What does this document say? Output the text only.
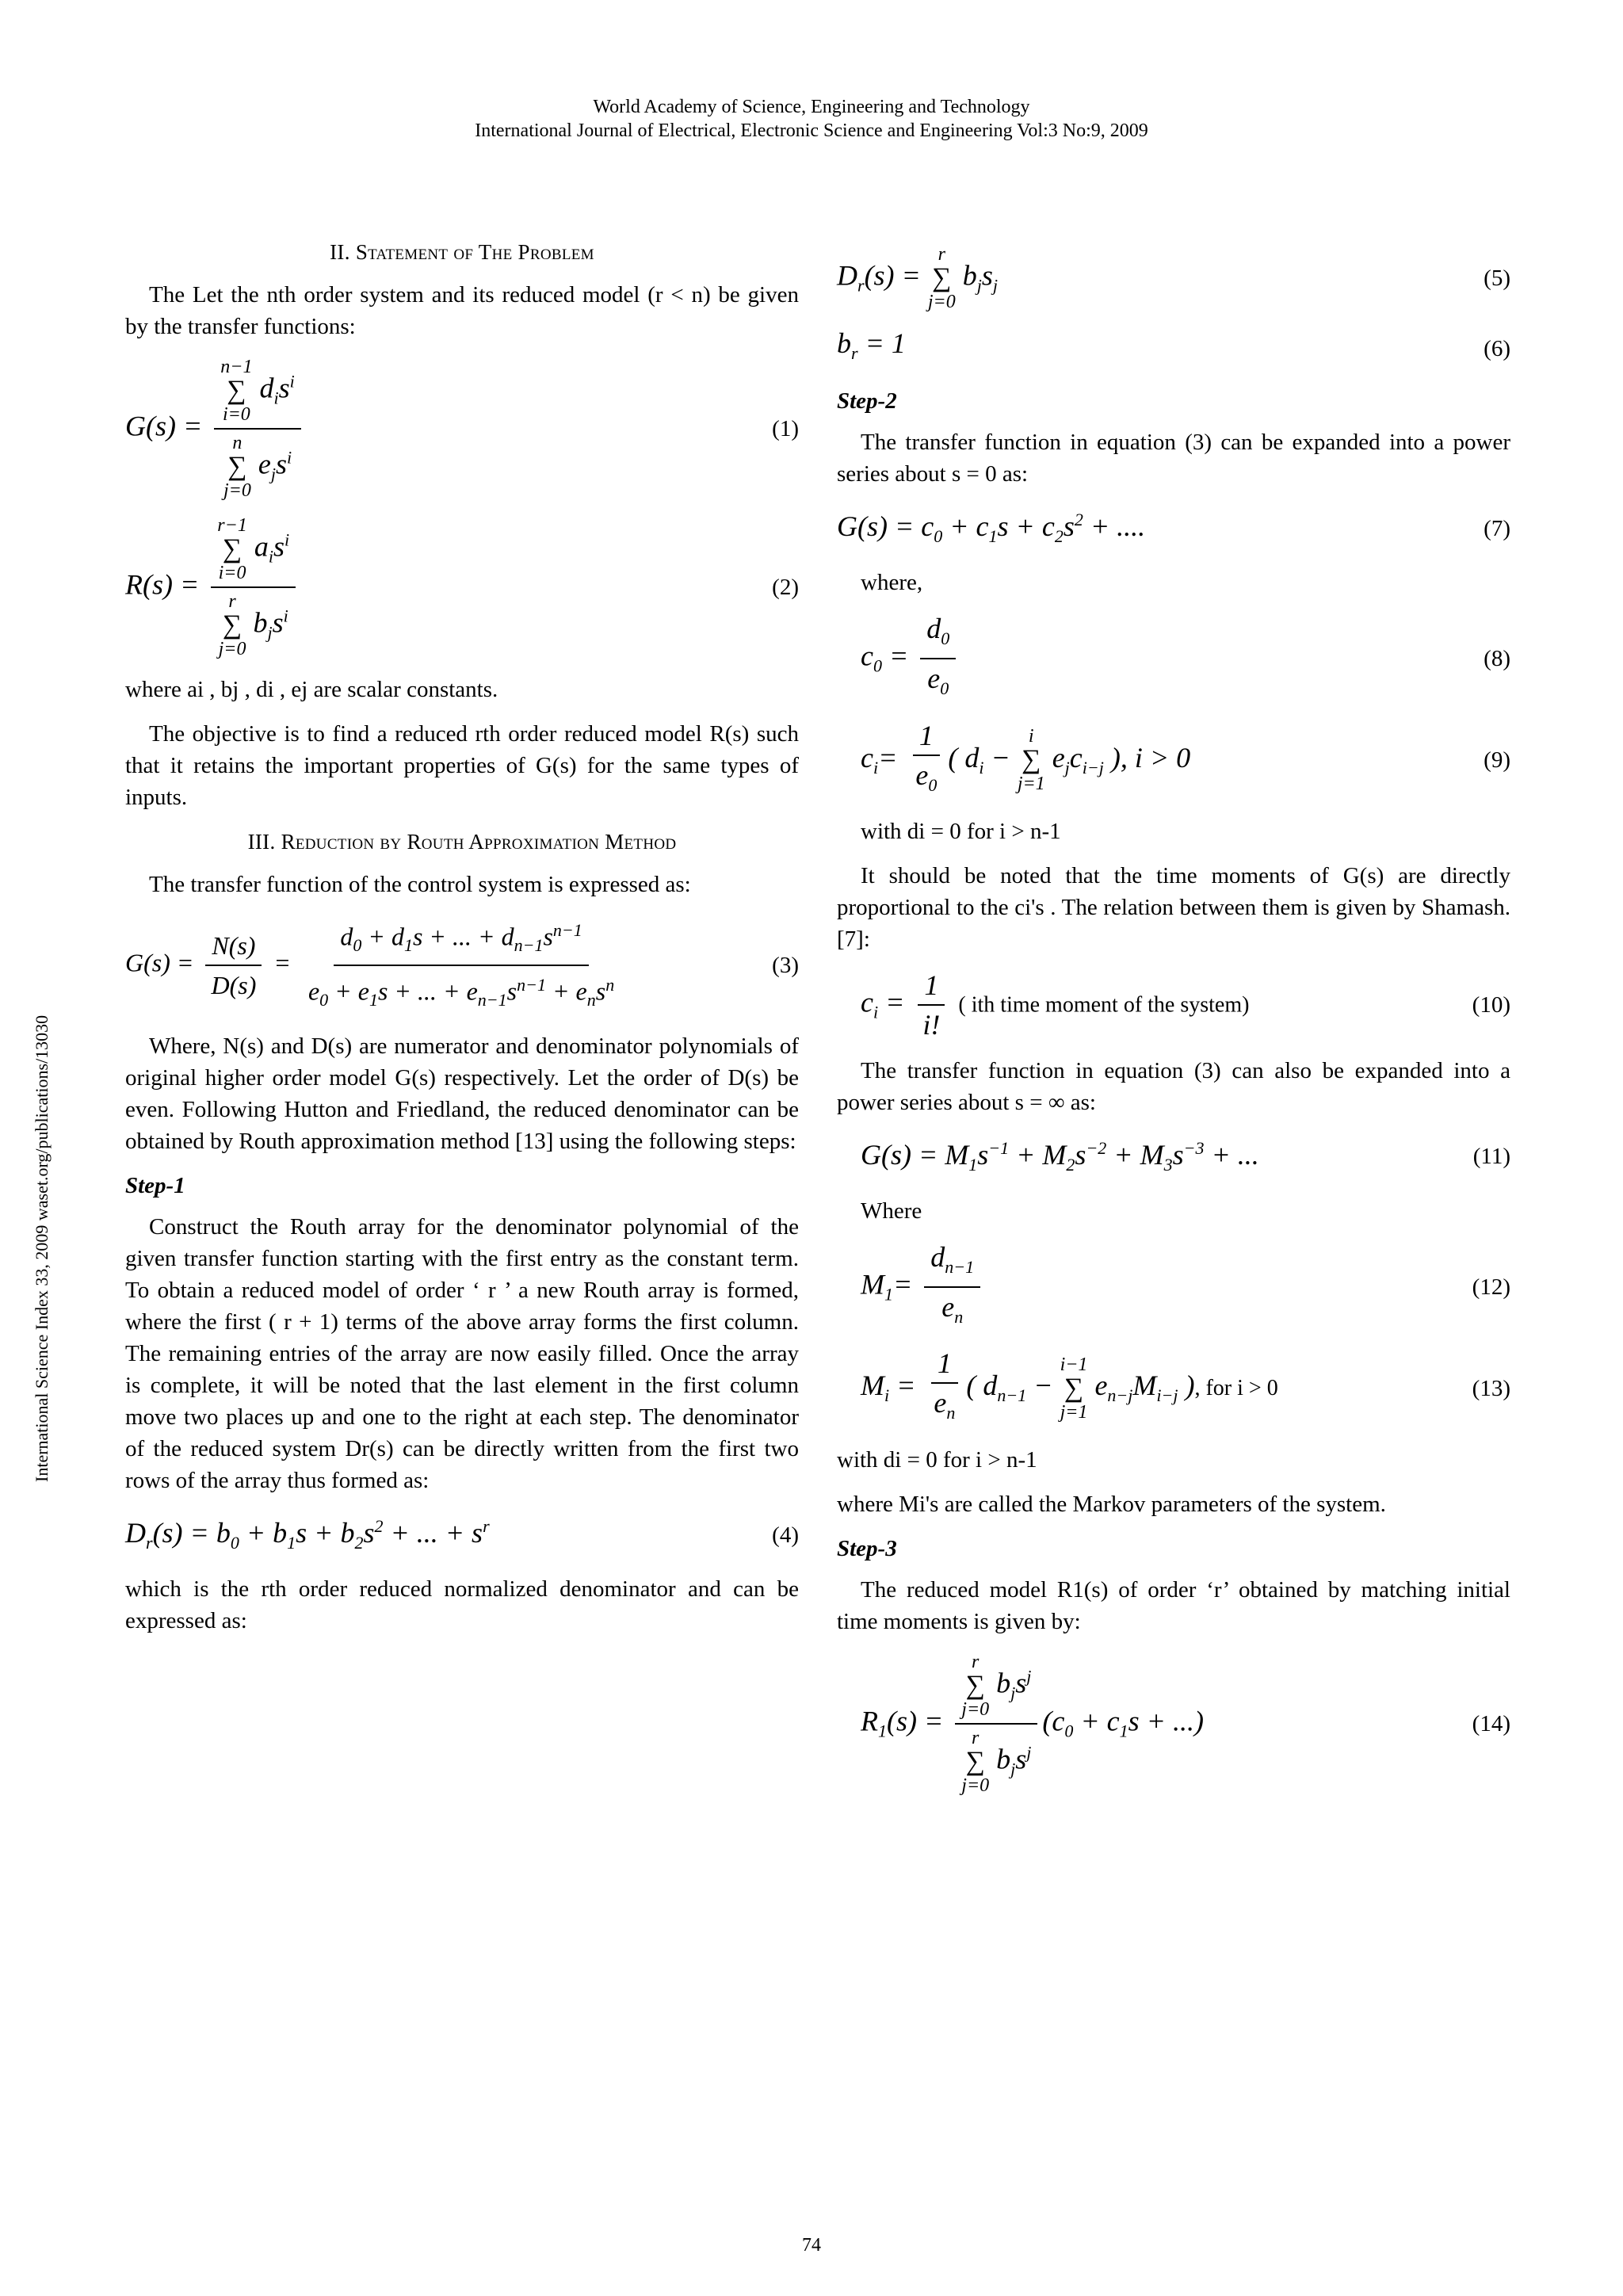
World Academy of Science, Engineering and Technology
International Journal of Electrical, Electronic Science and Engineering Vol:3 No:9, 2009
International Science Index 33, 2009 waset.org/publications/13030
II. Statement of The Problem

The Let the nth order system and its reduced model (r < n) be given by the transfer functions:

G(s) = n−1
∑
i=0
$d_is^i$
n
∑
j=0
$e_js^i$	(1)
R(s) = r−1
∑
i=0
$a_is^i$
r
∑
j=0
$b_js^i$	(2)

where ai , bj , di , ej are scalar constants.

The objective is to find a reduced rth order reduced model R(s) such that it retains the important properties of G(s) for the same types of inputs.

III. Reduction by Routh Approximation Method

The transfer function of the control system is expressed as:

$G(s) = \frac{N(s)}{D(s)} = \frac{d_0 + d_1s + ... + d_{n-1}s^{n-1}}{e_0 + e_1s + ... + e_{n-1}s^{n-1} + e_ns^n}$	(3)

Where, N(s) and D(s) are numerator and denominator polynomials of original higher order model G(s) respectively. Let the order of D(s) be even. Following Hutton and Friedland, the reduced denominator can be obtained by Routh approximation method [13] using the following steps:

Step-1

Construct the Routh array for the denominator polynomial of the given transfer function starting with the first entry as the constant term. To obtain a reduced model of order ‘ r ’ a new Routh array is formed, where the first ( r + 1) terms of the above array forms the first column. The remaining entries of the array are now easily filled. Once the array is complete, it will be noted that the last element in the first column move two places up and one to the right at each step. The denominator of the reduced system Dr(s) can be directly written from the first two rows of the array thus formed as:

$D_r(s) = b_0 + b_1s + b_2s^2$ + ... + $s^r$	(4)

which is the rth order reduced normalized denominator and can be expressed as:

$D_r(s)$ =
r
∑
j=0
$b_js_j$	(5)
$b_r = 1$	(6)
Step-2

The transfer function in equation (3) can be expanded into a power series about s = 0 as:

$G(s) = c_0 + c_1s + c_2s^2$ + ....	(7)

where,

$c_0 = \frac{d_0}{e_0}$	(8)
$c_i= \frac{1}{e_0}$ ( $d_i$ −
i
∑
j=1
$e_jc_{i-j}$ ), i > 0	(9)

with di = 0 for i > n-1

It should be noted that the time moments of G(s) are directly proportional to the ci's . The relation between them is given by Shamash. [7]:

$c_i = \frac{1}{i!}$ ( ith time moment of the system)	(10)

The transfer function in equation (3) can also be expanded into a power series about s = ∞ as:

$G(s) = M_1s^{-1} + M_2s^{-2} + M_3s^{-3}$ + ...	(11)

Where

$M_1= \frac{d_{n-1}}{e_n}$	(12)
$M_i = \frac{1}{e_n}$ ( $d_{n-1}$ −
i−1
∑
j=1
$e_{n-j}M_{i-j}$ ), for i > 0	(13)

with di = 0 for i > n-1

where Mi's are called the Markov parameters of the system.

Step-3

The reduced model R1(s) of order ‘r’ obtained by matching initial time moments is given by:

$R_1(s) = r$
∑
j=0
$b_js^j$
r
∑
j=0
$b_js^j$ ($c_0 + c_1s$ + ...)	(14)
74
